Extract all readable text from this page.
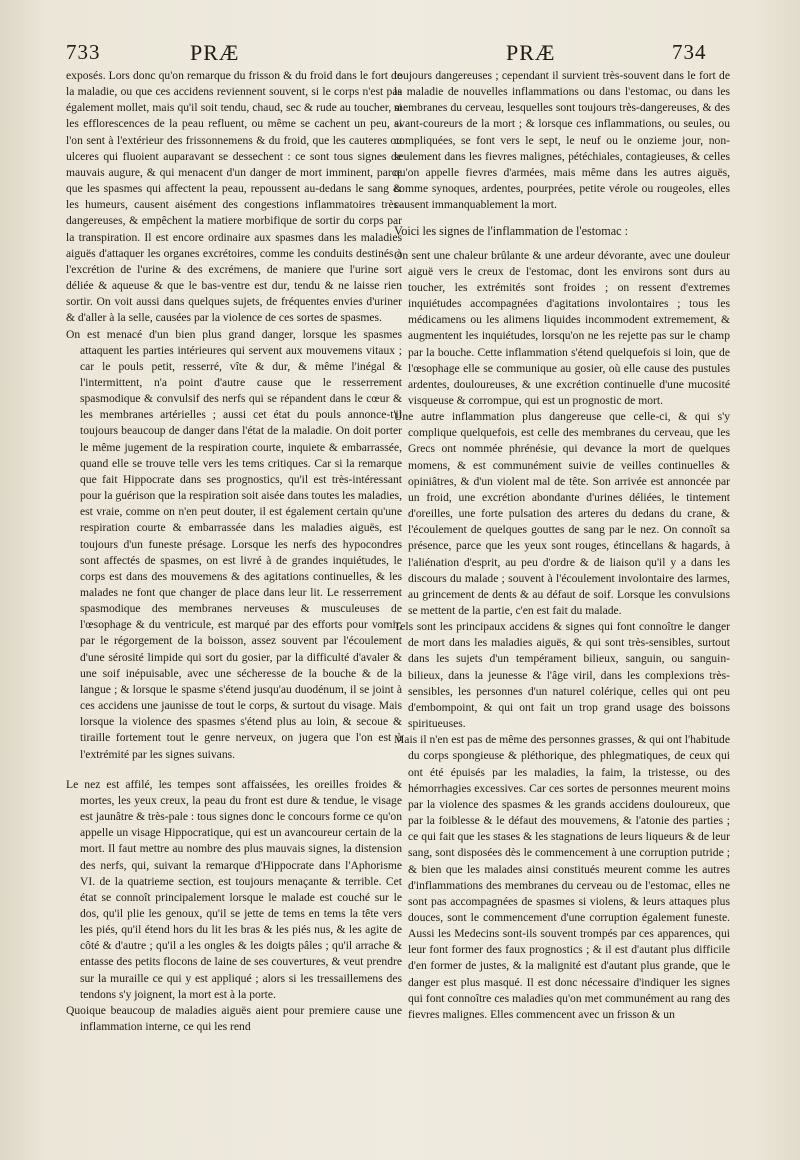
733	PRÆ	PRÆ	734

exposés. Lors donc qu'on remarque du frisson & du froid dans le fort de la maladie, ou que ces accidens reviennent souvent, si le corps n'est pas également mollet, mais qu'il soit tendu, chaud, sec & rude au toucher, si les efflorescences de la peau refluent, ou même se cachent un peu, si l'on sent à l'extérieur des frissonnemens & du froid, que les cauteres ou ulceres qui fluoient auparavant se dessechent : ce sont tous signes de mauvais augure, & qui menacent d'un danger de mort imminent, parce que les spasmes qui affectent la peau, repoussent au-dedans le sang & les humeurs, causent aisément des congestions inflammatoires très-dangereuses, & empêchent la matiere morbifique de sortir du corps par la transpiration. Il est encore ordinaire aux spasmes dans les maladies aiguës d'attaquer les organes excrétoires, comme les conduits destinés à l'excrétion de l'urine & des excrémens, de maniere que l'urine sort déliée & aqueuse & que le bas-ventre est dur, tendu & ne laisse rien sortir. On voit aussi dans quelques sujets, de fréquentes envies d'uriner & d'aller à la selle, causées par la violence de ces sortes de spasmes.

On est menacé d'un bien plus grand danger, lorsque les spasmes attaquent les parties intérieures qui servent aux mouvemens vitaux ; car le pouls petit, resserré, vîte & dur, & même l'inégal & l'intermittent, n'a point d'autre cause que le resserrement spasmodique & convulsif des nerfs qui se répandent dans le cœur & les membranes artérielles ; aussi cet état du pouls annonce-t'il toujours beaucoup de danger dans l'état de la maladie. On doit porter le même jugement de la respiration courte, inquiete & embarrassée, quand elle se trouve telle vers les tems critiques. Car si la remarque que fait Hippocrate dans ses prognostics, qu'il est très-intéressant pour la guérison que la respiration soit aisée dans toutes les maladies, est vraie, comme on n'en peut douter, il est également certain qu'une respiration courte & embarrassée dans les maladies aiguës, est toujours d'un funeste présage. Lorsque les nerfs des hypocondres sont affectés de spasmes, on est livré à de grandes inquiétudes, le corps est dans des mouvemens & des agitations continuelles, & les malades ne font que changer de place dans leur lit. Le resserrement spasmodique des membranes nerveuses & musculeuses de l'œsophage & du ventricule, est marqué par des efforts pour vomir, par le régorgement de la boisson, assez souvent par l'écoulement d'une sérosité limpide qui sort du gosier, par la difficulté d'avaler & une soif inépuisable, avec une sécheresse de la bouche & de la langue ; & lorsque le spasme s'étend jusqu'au duodénum, il se joint à ces accidens une jaunisse de tout le corps, & surtout du visage. Mais lorsque la violence des spasmes s'étend plus au loin, & secoue & tiraille fortement tout le genre nerveux, on jugera que l'on est à l'extrémité par les signes suivans.

Le nez est affilé, les tempes sont affaissées, les oreilles froides & mortes, les yeux creux, la peau du front est dure & tendue, le visage est jaunâtre & très-pale : tous signes donc le concours forme ce qu'on appelle un visage Hippocratique, qui est un avancoureur certain de la mort. Il faut mettre au nombre des plus mauvais signes, la distension des nerfs, qui, suivant la remarque d'Hippocrate dans l'Aphorisme VI. de la quatrieme section, est toujours menaçante & terrible. Cet état se connoît principalement lorsque le malade est couché sur le dos, qu'il plie les genoux, qu'il se jette de tems en tems la tête vers les piés, qu'il étend hors du lit les bras & les piés nus, & les agite de côté & d'autre ; qu'il a les ongles & les doigts pâles ; qu'il arrache & entasse des petits flocons de laine de ses couvertures, & veut prendre sur la muraille ce qui y est appliqué ; alors si les tressaillemens des tendons s'y joignent, la mort est à la porte.

Quoique beaucoup de maladies aiguës aient pour premiere cause une inflammation interne, ce qui les rend

toujours dangereuses ; cependant il survient très-souvent dans le fort de la maladie de nouvelles inflammations ou dans l'estomac, ou dans les membranes du cerveau, lesquelles sont toujours très-dangereuses, & des avant-coureurs de la mort ; & lorsque ces inflammations, ou seules, ou compliquées, se font vers le sept, le neuf ou le onzieme jour, non-seulement dans les fievres malignes, pétéchiales, contagieuses, & celles qu'on appelle fievres d'armées, mais même dans les autres aiguës, comme synoques, ardentes, pourprées, petite vérole ou rougeoles, elles causent immanquablement la mort.

Voici les signes de l'inflammation de l'estomac :

On sent une chaleur brûlante & une ardeur dévorante, avec une douleur aiguë vers le creux de l'estomac, dont les environs sont durs au toucher, les extrémités sont froides ; on ressent d'extremes inquiétudes accompagnées d'agitations involontaires ; tous les médicamens ou les alimens liquides incommodent extremement, & augmentent les inquiétudes, lorsqu'on ne les rejette pas sur le champ par la bouche. Cette inflammation s'étend quelquefois si loin, que de l'œsophage elle se communique au gosier, où elle cause des pustules ardentes, douloureuses, & une excrétion continuelle d'une mucosité visqueuse & corrompue, qui est un prognostic de mort.

Une autre inflammation plus dangereuse que celle-ci, & qui s'y complique quelquefois, est celle des membranes du cerveau, que les Grecs ont nommée phrénésie, qui devance la mort de quelques momens, & est communément suivie de veilles continuelles & opiniâtres, & d'un violent mal de tête. Son arrivée est annoncée par un froid, une excrétion abondante d'urines déliées, le tintement d'oreilles, une forte pulsation des arteres du dedans du crane, & l'écoulement de quelques gouttes de sang par le nez. On connoît sa présence, parce que les yeux sont rouges, étincellans & hagards, à l'aliénation d'esprit, au peu d'ordre & de liaison qu'il y a dans les discours du malade ; souvent à l'écoulement involontaire des larmes, au grincement de dents & au défaut de soif. Lorsque les convulsions se mettent de la partie, c'en est fait du malade.

Tels sont les principaux accidens & signes qui font connoître le danger de mort dans les maladies aiguës, & qui sont très-sensibles, surtout dans les sujets d'un tempérament bilieux, sanguin, ou sanguin-bilieux, dans la jeunesse & l'âge viril, dans les complexions très-sensibles, les personnes d'un naturel colérique, celles qui ont peu d'embompoint, & qui ont fait un trop grand usage des boissons spiritueuses.

Mais il n'en est pas de même des personnes grasses, & qui ont l'habitude du corps spongieuse & pléthorique, des phlegmatiques, de ceux qui ont été épuisés par les maladies, la faim, la tristesse, ou des hémorrhagies excessives. Car ces sortes de personnes meurent moins par la violence des spasmes & les grands accidens douloureux, que par la foiblesse & le défaut des mouvemens, & l'atonie des parties ; ce qui fait que les stases & les stagnations de leurs liqueurs & de leur sang, sont disposées dès le commencement à une corruption putride ; & bien que les malades ainsi constitués meurent comme les autres d'inflammations des membranes du cerveau ou de l'estomac, elles ne sont pas accompagnées de spasmes si violens, & leurs attaques plus douces, sont le commencement d'une corruption également funeste. Aussi les Medecins sont-ils souvent trompés par ces apparences, qui leur font former des faux prognostics ; & il est d'autant plus difficile d'en former de justes, & la malignité est d'autant plus grande, que le danger est plus masqué. Il est donc nécessaire d'indiquer les signes qui font connoître ces maladies qu'on met communément au rang des fievres malignes. Elles commencent avec un frisson & un
